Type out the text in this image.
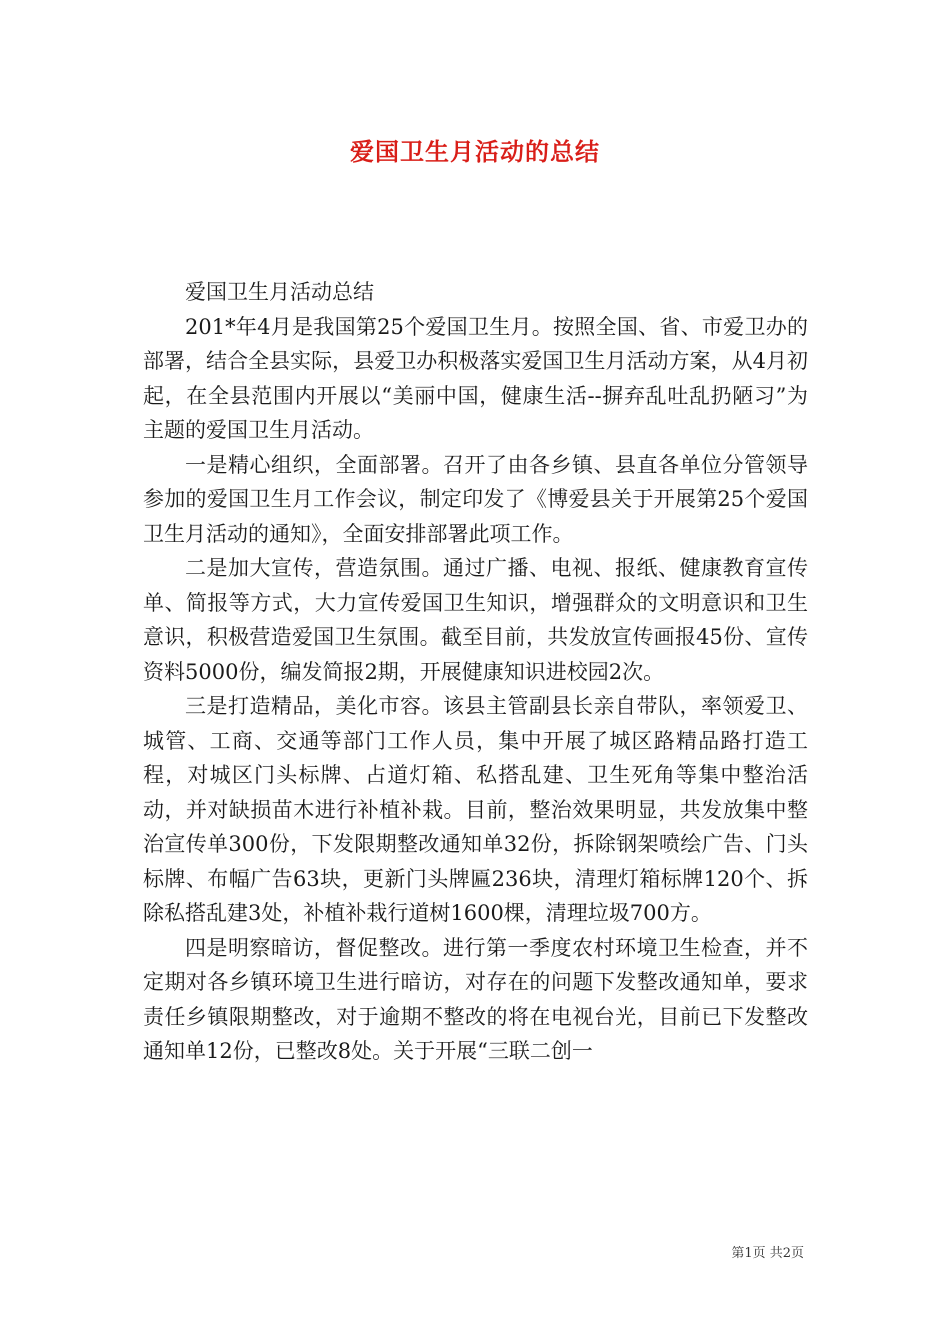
爱国卫生月活动的总结

爱国卫生月活动总结

201*年4月是我国第25个爱国卫生月。按照全国、省、市爱卫办的部署，结合全县实际，县爱卫办积极落实爱国卫生月活动方案，从4月初起，在全县范围内开展以“美丽中国，健康生活--摒弃乱吐乱扔陋习”为主题的爱国卫生月活动。

一是精心组织，全面部署。召开了由各乡镇、县直各单位分管领导参加的爱国卫生月工作会议，制定印发了《博爱县关于开展第25个爱国卫生月活动的通知》，全面安排部署此项工作。

二是加大宣传，营造氛围。通过广播、电视、报纸、健康教育宣传单、简报等方式，大力宣传爱国卫生知识，增强群众的文明意识和卫生意识，积极营造爱国卫生氛围。截至目前，共发放宣传画报45份、宣传资料5000份，编发简报2期，开展健康知识进校园2次。

三是打造精品，美化市容。该县主管副县长亲自带队，率领爱卫、城管、工商、交通等部门工作人员，集中开展了城区路精品路打造工程，对城区门头标牌、占道灯箱、私搭乱建、卫生死角等集中整治活动，并对缺损苗木进行补植补栽。目前，整治效果明显，共发放集中整治宣传单300份，下发限期整改通知单32份，拆除钢架喷绘广告、门头标牌、布幅广告63块，更新门头牌匾236块，清理灯箱标牌120个、拆除私搭乱建3处，补植补栽行道树1600棵，清理垃圾700方。

四是明察暗访，督促整改。进行第一季度农村环境卫生检查，并不定期对各乡镇环境卫生进行暗访，对存在的问题下发整改通知单，要求责任乡镇限期整改，对于逾期不整改的将在电视台光，目前已下发整改通知单12份，已整改8处。关于开展“三联二创一

第1页 共2页
